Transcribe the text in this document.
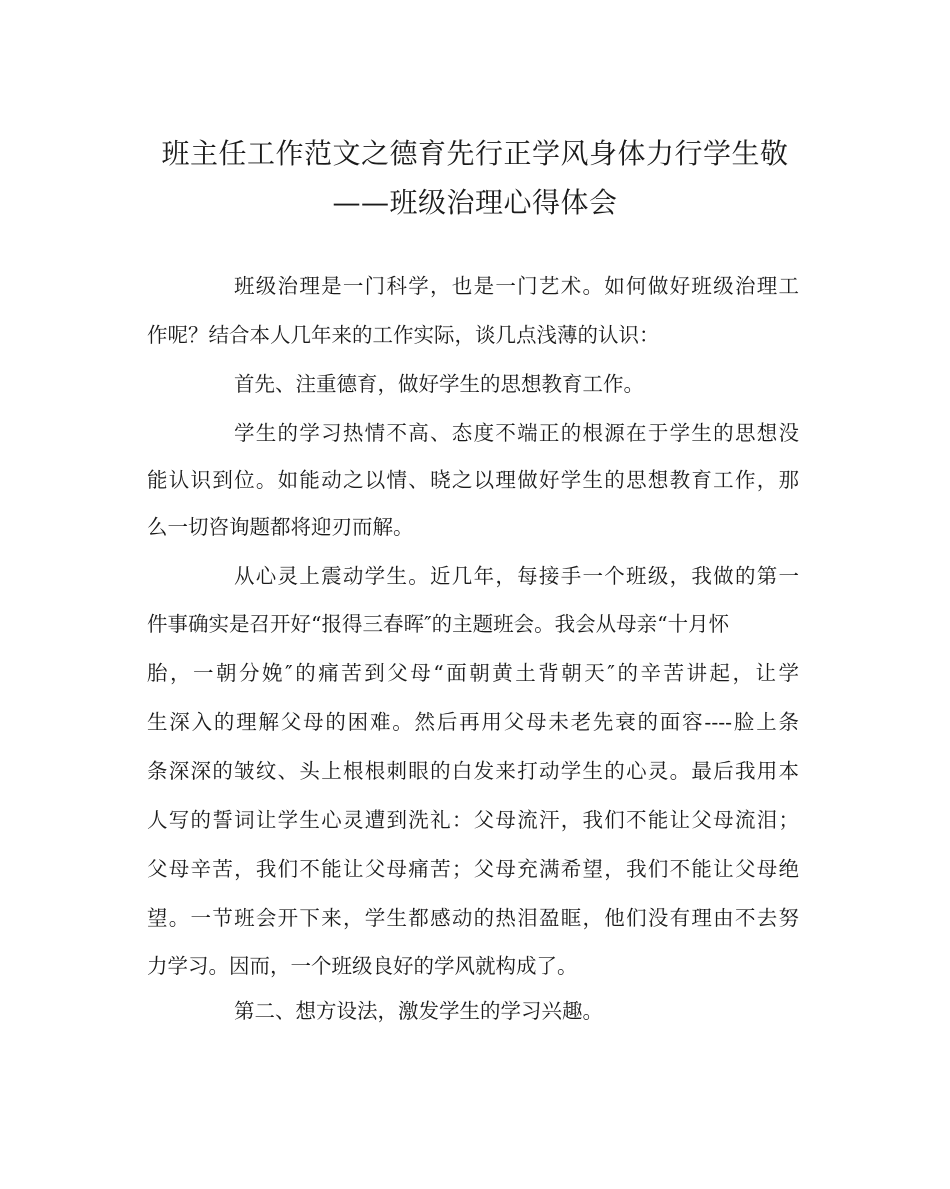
班主任工作范文之德育先行正学风身体力行学生敬
——班级治理心得体会
班级治理是一门科学，也是一门艺术。如何做好班级治理工
作呢？结合本人几年来的工作实际，谈几点浅薄的认识：
首先、注重德育，做好学生的思想教育工作。
学生的学习热情不高、态度不端正的根源在于学生的思想没
能认识到位。如能动之以情、晓之以理做好学生的思想教育工作，那
么一切咨询题都将迎刃而解。
从心灵上震动学生。近几年，每接手一个班级，我做的第一
件事确实是召开好“报得三春晖″的主题班会。我会从母亲“十月怀
胎，一朝分娩″的痛苦到父母“面朝黄土背朝天″的辛苦讲起，让学
生深入的理解父母的困难。然后再用父母未老先衰的面容----脸上条
条深深的皱纹、头上根根刺眼的白发来打动学生的心灵。最后我用本
人写的誓词让学生心灵遭到洗礼：父母流汗，我们不能让父母流泪；
父母辛苦，我们不能让父母痛苦；父母充满希望，我们不能让父母绝
望。一节班会开下来，学生都感动的热泪盈眶，他们没有理由不去努
力学习。因而，一个班级良好的学风就构成了。
第二、想方设法，激发学生的学习兴趣。
